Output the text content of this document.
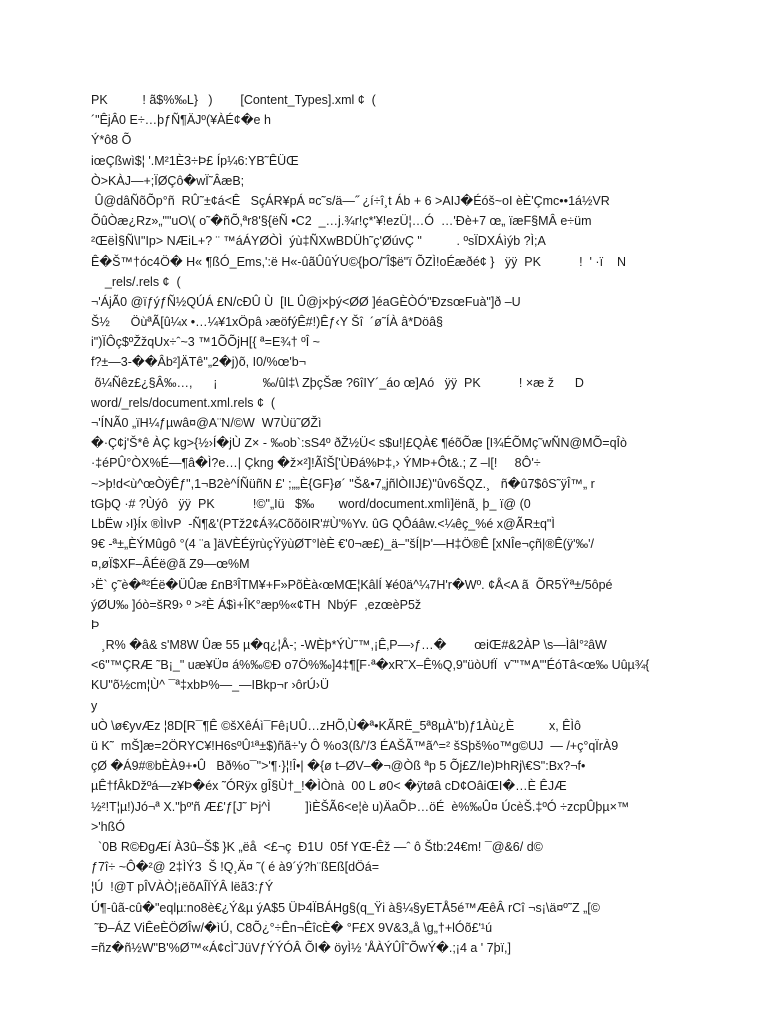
PK          ! ã$%‰L}   )        [Content_Types].xml ¢  (
´"ÊjÂ0 E÷…þƒÑ¶ÄJº(¥ÀÉ¢�e h
Ý*ô8 Õ
iœÇßwì$¦ '.M²1È3÷Þ£ Íp¼6:YB˜ÊÜŒ
Ò>KÀJ—+;ÏØÇô�wÏ˜ÂæB;
Û@dâÑõÕp°ñ  RÛ˜±¢á<Ê   SçÁR¥pÁ ¤c˜s/ä—˝ ¿í÷î¸t Áb + 6 >AIJ�Éóš~oI èÈ'Çmc••1á½VR
ÕûÒæ¿Rz»„""uO\( o˜�ñÕ‚ªr8'§{ëÑ •C2  _…j.¾r!ç*'¥!ezÜ¦…Ó  …'Ðè+7 œ„ ïæF§MÂ e÷üm
²ŒëÌ§Ñ\I"Ip> NÆiL+? ¨ ™áÁYØÒÌ  ýù‡ÑXwBDÜh˜ç'ØúvÇ "          . ºsÏDXÁìýb ?Ì;A
Ê�Š™†óc4Ö� H« ¶ßÓ_Ems,':ë H«-ûãÛûÝU©{þO/˜Î$ë"ï ÕZÌ!oÉæðé¢ }   ÿÿ  PK           !  ' ·ï    N
_rels/.rels ¢  (
¬'ÁjÃ0 @ïƒýƒÑ½QÚÁ £N/cÐÛ Ù  [IL Û@j×þý<ØØ ]éaGÈÒÓ"ÐzsœFuà"]ð –U
Š½      ÖùªÃ[û¼x •…¼¥1xÖpâ ›æöfýÊ#!)Êƒ‹Y Šî  ´ø˜ÍÀ â*Döâ§
i")ÏÔç$ºŽžqUx÷ˆ~3 ™1ÕÕjH[{ ª=E¾† ºÎ ~
f?±—3-��Âb²]ÄTê"„2�j)õ, I0/%œ'b¬
õ¼Ñêz£¿§Â‰…,      ¡             ‰/ûl‡\ ZþçŠæ ?6îIY´_áo œ]Aó   ÿÿ  PK           ! ×æ ž      D
word/_rels/document.xml.rels ¢  (
¬'ÍNÃ0 „ïH¼ƒµwâ¤@A¨N/©W  W7Ùü˜ØŽì
�·Ç¢j'Š*ê ÀÇ kg>{½›Í�jÙ Z× - ‰ob`:sS4º ðŽ½Ü< s$u!|£QÀ€ ¶éõÕæ [I¾ÉÕMç˜wÑN@MÕ=qÎò
·‡éPÛ°ÒX%É—¶â�Ì?e…| Çkng �ž×²]!ÃîŠ['ÙÐá%Þ‡,› ÝMÞ+Ôt&.; Z –l[!     8Ô'÷
~>þ!d<ù^œÒÿÊƒ",1¬B2è^ÍÑüñN £' ;„„È{GF}ø´ "Š&•7„jñlÒIIJ£)"ûv6ŠQZ.¸   ñ�û7$ôS˜ÿÎ™„ r
tGþQ ·# ?Ùýô   ÿÿ  PK           !©"„Iü   $‰       word/document.xmlì]ënã¸ þ_ ï@ (0
LbËw ›I}Íx ®ÌIvP  -Ñ¶&'(PTž2¢Á¾CõõöIR'#Ù'%Yv. ûG QÔáâw.<¼êç_%é x@ÃR±q"Ì
9€ -ª±„ÈÝMûgô °(4 ¨a ]äVÈÉÿrùçŸÿùØT°lèÈ €'0¬æ£)_ä–"šÍ|Þ'—H‡Ö®Ê [xNÎe¬çñ|®Ê(ÿ'‰'/
¤,øÏ$XF–ÂÉë@ã Z9—œ%M
›Ë` ç˜è�ª²Éë�ÜÛæ £nB³ÎTM¥+F»PõÈà‹œMŒ¦KâlÍ ¥é0ä^¼7H'r�Wº. ¢Å<A ã  ÕR5Ÿª±/5ôpé
ýØU‰ ]óò=šR9› º >²È Á$ì+ÎK°æp%«¢TH  NbýF  ,ezœèP5ž
Þ
¸R% �â& s'M8W Ûæ 55 µ�q¿¦Å-; -WÈþ*ÝÙ˜™,¡Ê‚P—›ƒ…�        œiŒ#&2ÀP \s—Ìâl°²âW
<6"™ÇRÆ ˜B¡_" uæ¥Ü¤ á%‰©Ð o7Ö%‰]4‡¶[F·ª�xR˜X–Ê%Q,9"üòUfÏ  v˜"™A"'ÉóTâ<œ‰ Uûµ¾{
KU"õ½cm¦Ù^ ¯ª‡xbÞ%—_—IBkp¬r ›ôrÚ›Ü
y
uÒ \ø€yvÆz ¦8D[R¯¶Ê ©šXêÁì¯Fê¡UÛ…zHÕ‚Ù�ª•KÃRË_5ª8µÀ"b)ƒ1Àù¿È          x, ÊÌô
ü K˜  mŠ]æ=2ÖRYC¥!H6sºÛ¹ª±$)ñã÷'y Ô %o3(ß/'/3 ÉAŠÃ™ã^=² šSþš%o™g©UJ  — /+ç°qÏrÀ9
çØ �Á9#®bÈÀ9+•Û   Bð%o¯">'¶·}¦!Î•| �{ø t–ØV–�¬@Òß ªp 5 Õj£Z/Ie)ÞhRj\€S":Bx?¬f•
µÊ†fÂkDžºá—z¥Þ�éx ˜ÓRÿx gÎ§Ù†_!�ÌÒnà  00 L ø0< �ÿtøâ cD¢OâiŒI�…È ÊJÆ
½²!T¦µ!)Jó¬ª X."þº'ñ Æ£'ƒ[J˜ Þj^Ì          ]ìÈŠÃ6<e¦è u)ÄaÕÞ…öÉ  è%‰Û¤ ÚcèŠ.‡ºÓ ÷zcpÛþµ×™
>'hßÓ
`0B R©ÐgÆí À3û–Š$ }K „ëå  <£¬ç  Ð1U  05f YŒ-Êž —ˆ ô Štb:24€m! ¯@&6/ d©
ƒ7î÷ ~Ô�²@ 2‡ÌÝ3  Š !Q¸Ä¤ ˜( é à9´ý?h¨ßEß[dÖá=
¦Ú  !@T pÎVÀÒ¦¡ëõAÎÏÝÂ lëã3:ƒÝ
Ú¶-ûã-cû�"eqlµ:no8è€¿Ý&µ ýA$5 ÜÞ4ÏBÁHg§(q_Ÿi à§¼§yETÅ5é™ÆêÂ rCî ¬s¡\ä¤º˜Z „[©
˜Ð–ÁZ ViÊeÈÖØÎw/�ìÚ, C8Õ¿°÷Ên¬ÊîcÈ� °F£X 9V&3„å \g„†+lÓõ£'¹ú
=ñz�ñ½W"B'%Ø™«Á¢cÌ˜JüVƒÝÝÓÂ ÕI� öyÌ½ 'ÅÀÝÛÎ˜ÕwÝ�.;¡4 a ' 7þï,]
